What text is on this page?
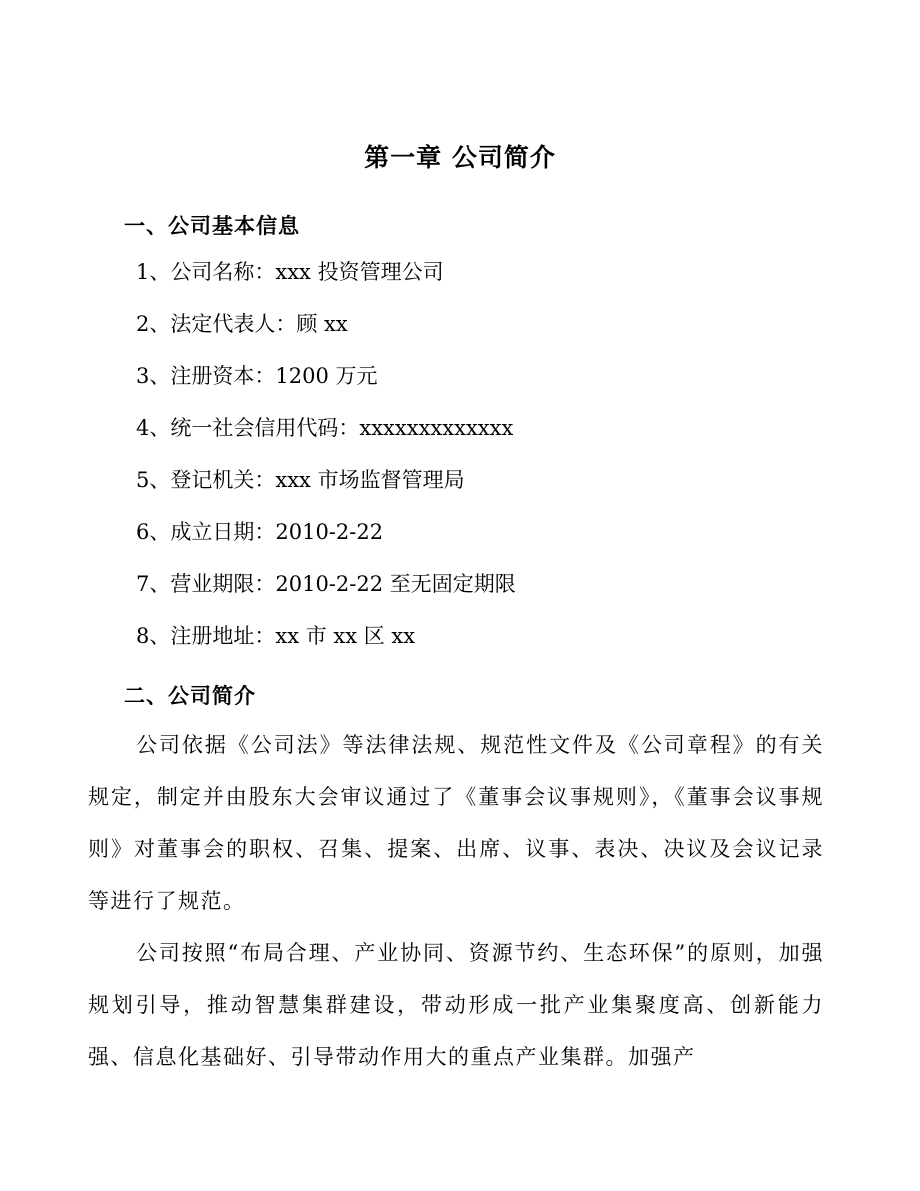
第一章 公司简介
一、公司基本信息
1、公司名称：xxx 投资管理公司
2、法定代表人：顾 xx
3、注册资本：1200 万元
4、统一社会信用代码：xxxxxxxxxxxxx
5、登记机关：xxx 市场监督管理局
6、成立日期：2010-2-22
7、营业期限：2010-2-22 至无固定期限
8、注册地址：xx 市 xx 区 xx
二、公司简介

公司依据《公司法》等法律法规、规范性文件及《公司章程》的有关规定，制定并由股东大会审议通过了《董事会议事规则》，《董事会议事规则》对董事会的职权、召集、提案、出席、议事、表决、决议及会议记录等进行了规范。

公司按照“布局合理、产业协同、资源节约、生态环保”的原则，加强规划引导，推动智慧集群建设，带动形成一批产业集聚度高、创新能力强、信息化基础好、引导带动作用大的重点产业集群。加强产
